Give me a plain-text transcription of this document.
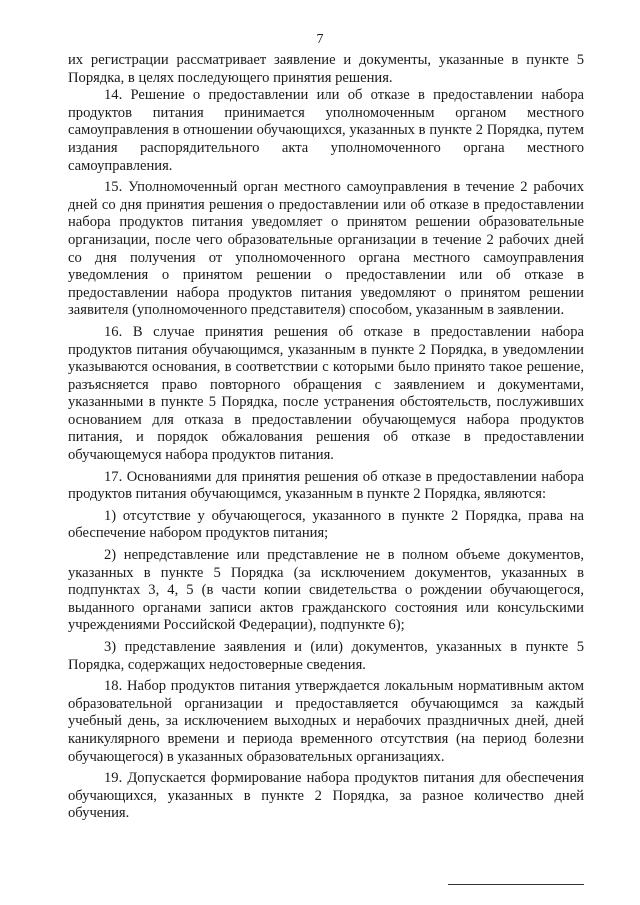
7

их регистрации рассматривает заявление и документы, указанные в пункте 5 Порядка, в целях последующего принятия решения.

14. Решение о предоставлении или об отказе в предоставлении набора продуктов питания принимается уполномоченным органом местного самоуправления в отношении обучающихся, указанных в пункте 2 Порядка, путем издания распорядительного акта уполномоченного органа местного самоуправления.

15. Уполномоченный орган местного самоуправления в течение 2 рабочих дней со дня принятия решения о предоставлении или об отказе в предоставлении набора продуктов питания уведомляет о принятом решении образовательные организации, после чего образовательные организации в течение 2 рабочих дней со дня получения от уполномоченного органа местного самоуправления уведомления о принятом решении о предоставлении или об отказе в предоставлении набора продуктов питания уведомляют о принятом решении заявителя (уполномоченного представителя) способом, указанным в заявлении.

16. В случае принятия решения об отказе в предоставлении набора продуктов питания обучающимся, указанным в пункте 2 Порядка, в уведомлении указываются основания, в соответствии с которыми было принято такое решение, разъясняется право повторного обращения с заявлением и документами, указанными в пункте 5 Порядка, после устранения обстоятельств, послуживших основанием для отказа в предоставлении обучающемуся набора продуктов питания, и порядок обжалования решения об отказе в предоставлении обучающемуся набора продуктов питания.

17. Основаниями для принятия решения об отказе в предоставлении набора продуктов питания обучающимся, указанным в пункте 2 Порядка, являются:

1) отсутствие у обучающегося, указанного в пункте 2 Порядка, права на обеспечение набором продуктов питания;

2) непредставление или представление не в полном объеме документов, указанных в пункте 5 Порядка (за исключением документов, указанных в подпунктах 3, 4, 5 (в части копии свидетельства о рождении обучающегося, выданного органами записи актов гражданского состояния или консульскими учреждениями Российской Федерации), подпункте 6);

3) представление заявления и (или) документов, указанных в пункте 5 Порядка, содержащих недостоверные сведения.

18. Набор продуктов питания утверждается локальным нормативным актом образовательной организации и предоставляется обучающимся за каждый учебный день, за исключением выходных и нерабочих праздничных дней, дней каникулярного времени и периода временного отсутствия (на период болезни обучающегося) в указанных образовательных организациях.

19. Допускается формирование набора продуктов питания для обеспечения обучающихся, указанных в пункте 2 Порядка, за разное количество дней обучения.
